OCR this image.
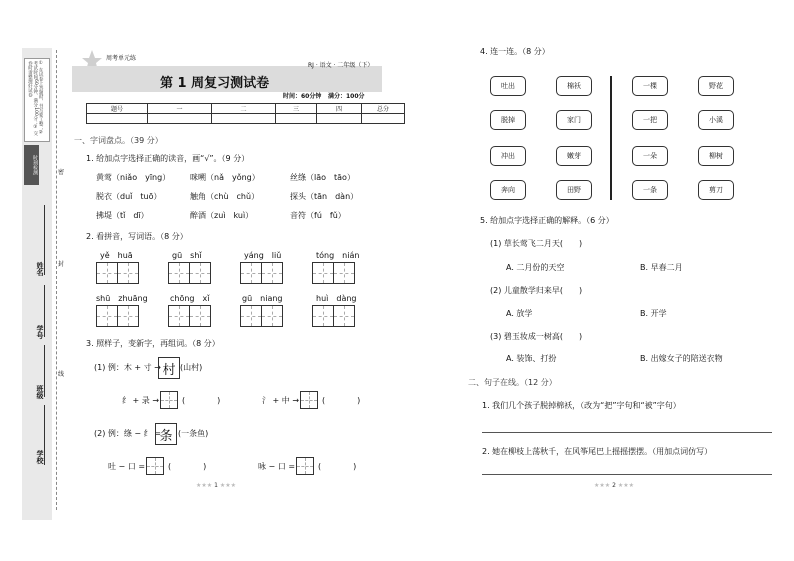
① 在试卷上答题时，书写要工整；② 考试时间60分钟，满分100分；③ 交卷时请整理好试卷
时刻检测
姓名
学号
班级
学校
密
封
线
周考单元练
第 1 周复习测试卷
RJ · 语文 · 二年级（下）
时间：60分钟 满分：100分
题号	一	二	三	四	总分

一、字词盘点。（39 分）
1. 给加点字选择正确的读音，画“√”。（9 分）
黄莺（niǎo　yīng） 咪嗍（nǎ　yǒng）	丝绦（lāo　tāo）
脱衣（duǐ　tuō）	触角（chù　chǔ）	探头（tān　dàn）
拂堤（tǐ　dī）	醉酒（zuì　kuì）	音符（fú　fǔ）
2. 看拼音，写词语。（8 分）
yě　huā	gū　shǐ	yáng　liǔ	tóng　nián
shū　zhuāng	chōng　xǐ	gū　niang	huì　dàng
3. 照样子，变新字，再组词。（8 分）
(1) 例：木 + 寸 → 村 (山村)
纟 + 录 →	(　　　　)	氵 + 中 →	(　　　　)
(2) 例：绦 − 纟 =
条 (一条鱼)
吐 − 口 =	(　　　　)	咏 − 口 =	(　　　　)
★★★ 1 ★★★
4. 连一连。（8 分）
吐出	棉袄	一棵	野花
脱掉	家门	一把	小溪
冲出	嫩芽	一朵	柳树
奔向	田野	一条	剪刀
5. 给加点字选择正确的解释。（6 分）
(1) 草长莺飞二月天(　　)
A. 二月份的天空	B. 早春二月
(2) 儿童散学归来早(　　)
A. 放学	B. 开学
(3) 碧玉妆成一树高(　　)
A. 装饰、打扮	B. 出嫁女子的陪送衣物
二、句子在线。（12 分）
1. 我们几个孩子脱掉棉袄，（改为“把”字句和“被”字句）
2. 她在柳枝上荡秋千，在风筝尾巴上摇摇摆摆。（用加点词仿写）
★★★ 2 ★★★
